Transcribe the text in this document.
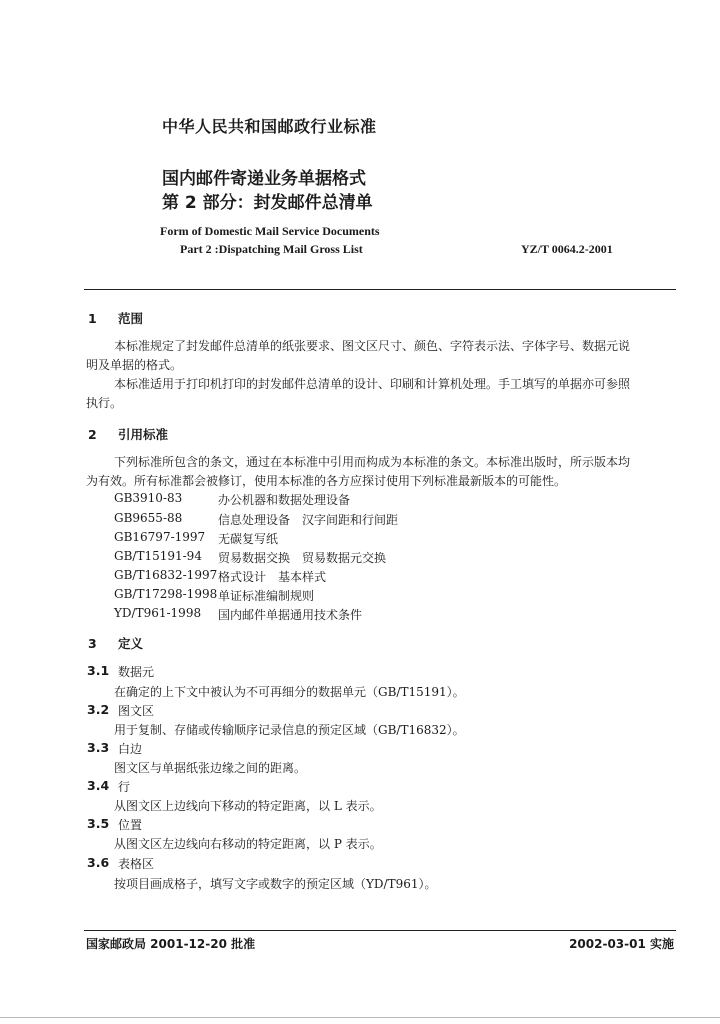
中华人民共和国邮政行业标准
国内邮件寄递业务单据格式
第 2 部分：封发邮件总清单
Form of Domestic Mail Service Documents
Part 2 :Dispatching Mail Gross List	YZ/T 0064.2-2001
1 范围
本标准规定了封发邮件总清单的纸张要求、图文区尺寸、颜色、字符表示法、字体字号、数据元说
明及单据的格式。
本标准适用于打印机打印的封发邮件总清单的设计、印刷和计算机处理。手工填写的单据亦可参照
执行。
2 引用标准
下列标准所包含的条文，通过在本标准中引用而构成为本标准的条文。本标准出版时，所示版本均
为有效。所有标准都会被修订，使用本标准的各方应探讨使用下列标准最新版本的可能性。
GB3910-83	办公机器和数据处理设备
GB9655-88	信息处理设备　汉字间距和行间距
GB16797-1997	无碳复写纸
GB/T15191-94	贸易数据交换　贸易数据元交换
GB/T16832-1997 格式设计　基本样式
GB/T17298-1998 单证标准编制规则
YD/T961-1998	国内邮件单据通用技术条件
3 定义
3.1 数据元
在确定的上下文中被认为不可再细分的数据单元（GB/T15191）。
3.2 图文区
用于复制、存储或传输顺序记录信息的预定区域（GB/T16832）。
3.3 白边
图文区与单据纸张边缘之间的距离。
3.4 行
从图文区上边线向下移动的特定距离，以 L 表示。
3.5 位置
从图文区左边线向右移动的特定距离，以 P 表示。
3.6 表格区
按项目画成格子，填写文字或数字的预定区域（YD/T961）。
国家邮政局 2001-12-20 批准	2002-03-01 实施
